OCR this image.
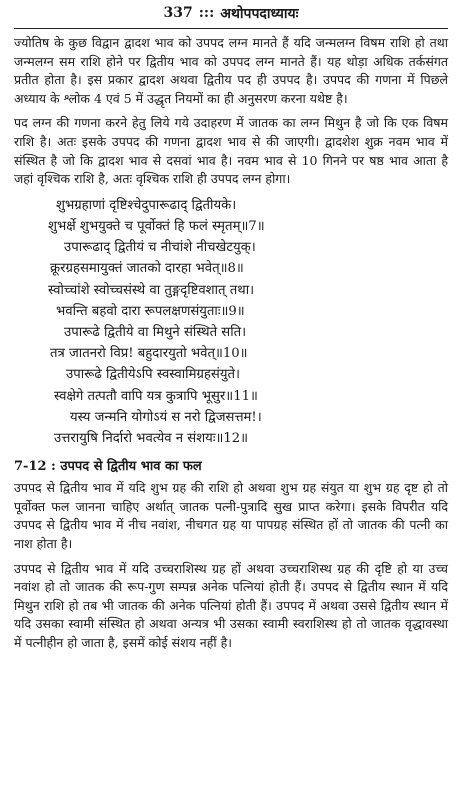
337 ::: अथोपपदाध्यायः

ज्योतिष के कुछ विद्वान द्वादश भाव को उपपद लग्न मानते हैं यदि जन्मलग्न विषम राशि हो तथा जन्मलग्न सम राशि होने पर द्वितीय भाव को उपपद लग्न मानते हैं। यह थोड़ा अधिक तर्कसंगत प्रतीत होता है। इस प्रकार द्वादश अथवा द्वितीय पद ही उपपद है। उपपद की गणना में पिछले अध्याय के श्लोक 4 एवं 5 में उद्धृत नियमों का ही अनुसरण करना यथेष्ट है।

पद लग्न की गणना करने हेतु लिये गये उदाहरण में जातक का लग्न मिथुन है जो कि एक विषम राशि है। अतः इसके उपपद की गणना द्वादश भाव से की जाएगी। द्वादशेश शुक्र नवम भाव में संस्थित है जो कि द्वादश भाव से दसवां भाव है। नवम भाव से 10 गिनने पर षष्ठ भाव आता है जहां वृश्चिक राशि है, अतः वृश्चिक राशि ही उपपद लग्न होगा।

शुभग्रहाणां दृष्टिश्चेदुपारूढाद् द्वितीयके।
शुभर्क्षे शुभयुक्ते च पूर्वोक्तं हि फलं स्मृतम्॥7॥
उपारूढाद् द्वितीयं च नीचांशे नीचखेटयुक्।
क्रूरग्रहसमायुक्तं जातको दारहा भवेत्॥8॥
स्वोच्चांशे स्वोच्चसंस्थे वा तुङ्गदृष्टिवशात् तथा।
भवन्ति बहवो दारा रूपलक्षणसंयुताः॥9॥
उपारूढे द्वितीये वा मिथुने संस्थिते सति।
तत्र जातनरो विप्र! बहुदारयुतो भवेत्॥10॥
उपारूढे द्वितीयेऽपि स्वस्वामिग्रहसंयुते।
स्वक्षेगे तत्पतौ वापि यत्र कुत्रापि भूसुर॥11॥
यस्य जन्मनि योगोऽयं स नरो द्विजसत्तम!।
उत्तरायुषि निर्दारो भवत्येव न संशयः॥12॥
7-12 : उपपद से द्वितीय भाव का फल

उपपद से द्वितीय भाव में यदि शुभ ग्रह की राशि हो अथवा शुभ ग्रह संयुत या शुभ ग्रह दृष्ट हो तो पूर्वोक्त फल जानना चाहिए अर्थात् जातक पत्नी-पुत्रादि सुख प्राप्त करेगा। इसके विपरीत यदि उपपद से द्वितीय भाव में नीच नवांश, नीचगत ग्रह या पापग्रह संस्थित हों तो जातक की पत्नी का नाश होता है।

उपपद से द्वितीय भाव में यदि उच्चराशिस्थ ग्रह हों अथवा उच्चराशिस्थ ग्रह की दृष्टि हो या उच्च नवांश हो तो जातक की रूप-गुण सम्पन्न अनेक पत्नियां होती हैं। उपपद से द्वितीय स्थान में यदि मिथुन राशि हो तब भी जातक की अनेक पत्नियां होती हैं। उपपद में अथवा उससे द्वितीय स्थान में यदि उसका स्वामी संस्थित हो अथवा अन्यत्र भी उसका स्वामी स्वराशिस्थ हो तो जातक वृद्धावस्था में पत्नीहीन हो जाता है, इसमें कोई संशय नहीं है।
